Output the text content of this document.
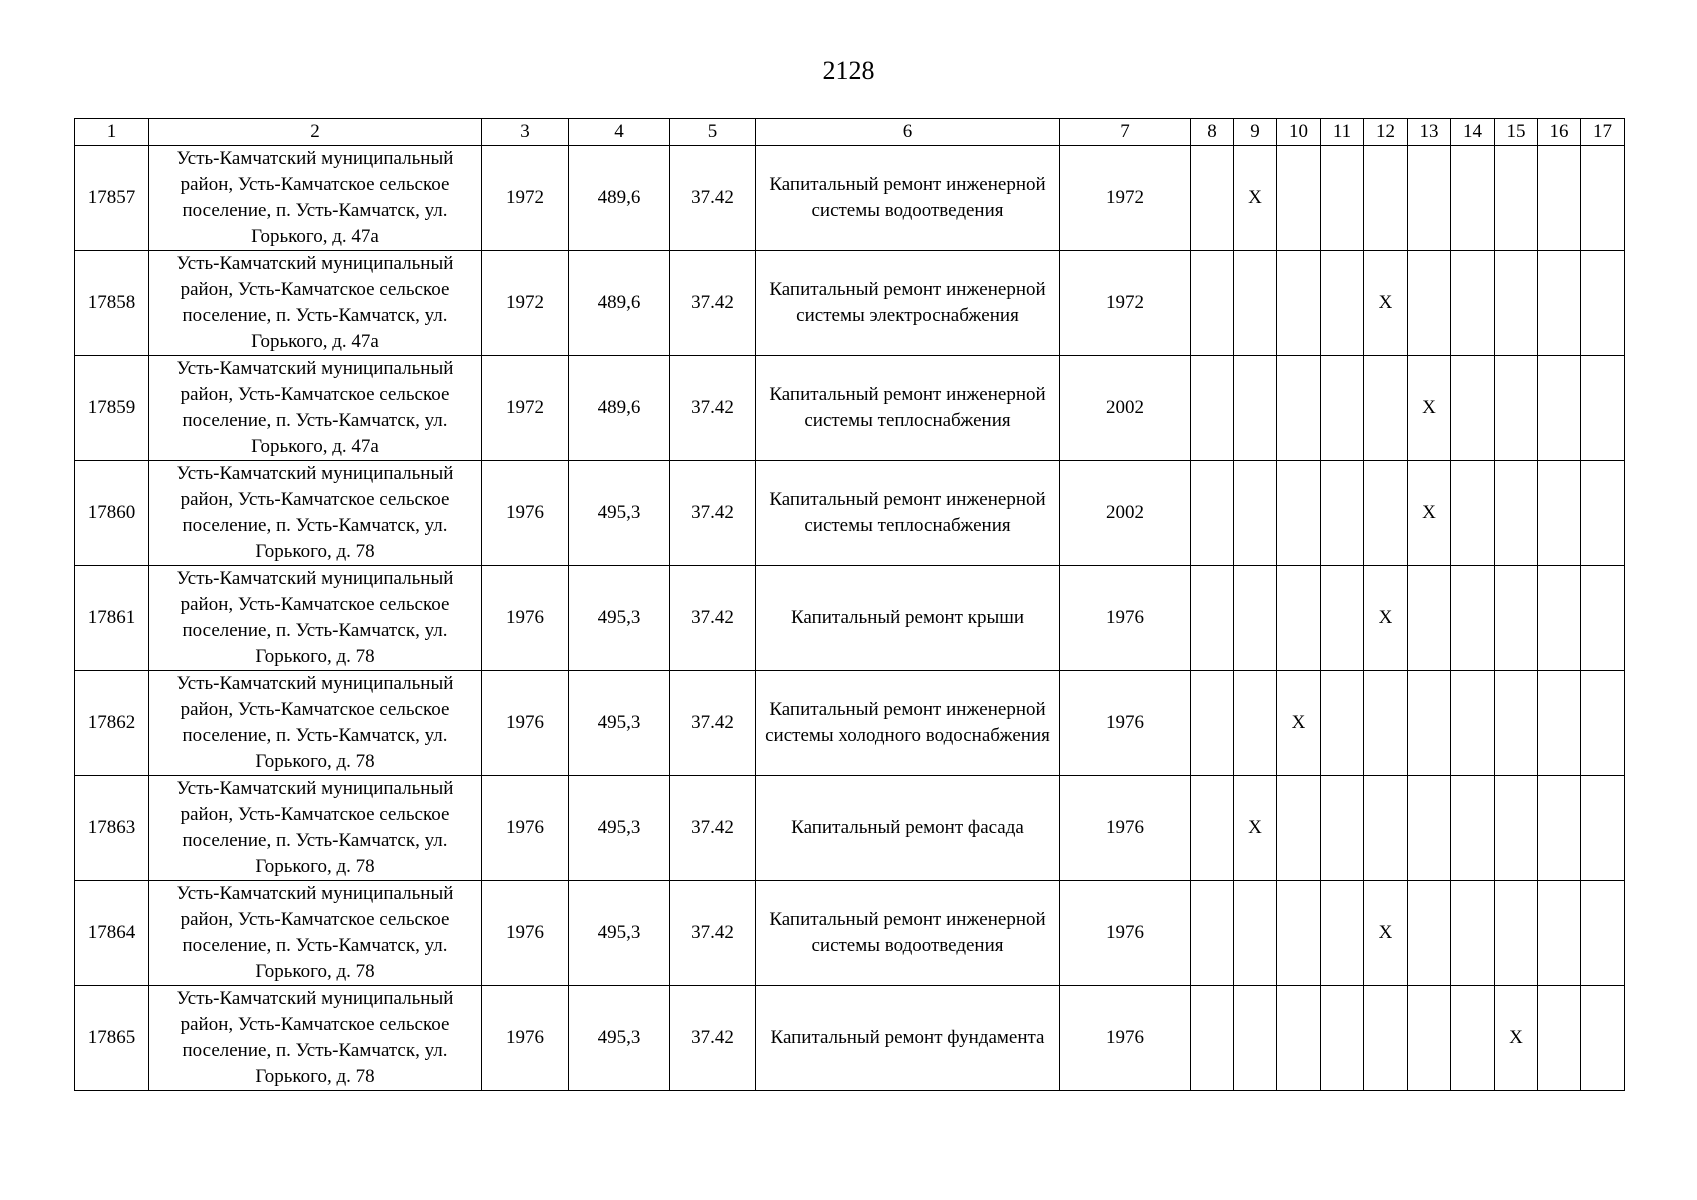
2128
1	2	3	4	5	6	7	8	9	10	11	12	13	14	15	16	17
17857	Усть-Камчатский муниципальный район, Усть-Камчатское сельское поселение, п. Усть-Камчатск, ул. Горького, д. 47а	1972	489,6	37.42	Капитальный ремонт инженерной системы водоотведения	1972		X								
17858	Усть-Камчатский муниципальный район, Усть-Камчатское сельское поселение, п. Усть-Камчатск, ул. Горького, д. 47а	1972	489,6	37.42	Капитальный ремонт инженерной системы электроснабжения	1972					X					
17859	Усть-Камчатский муниципальный район, Усть-Камчатское сельское поселение, п. Усть-Камчатск, ул. Горького, д. 47а	1972	489,6	37.42	Капитальный ремонт инженерной системы теплоснабжения	2002						X				
17860	Усть-Камчатский муниципальный район, Усть-Камчатское сельское поселение, п. Усть-Камчатск, ул. Горького, д. 78	1976	495,3	37.42	Капитальный ремонт инженерной системы теплоснабжения	2002						X				
17861	Усть-Камчатский муниципальный район, Усть-Камчатское сельское поселение, п. Усть-Камчатск, ул. Горького, д. 78	1976	495,3	37.42	Капитальный ремонт крыши	1976					X					
17862	Усть-Камчатский муниципальный район, Усть-Камчатское сельское поселение, п. Усть-Камчатск, ул. Горького, д. 78	1976	495,3	37.42	Капитальный ремонт инженерной системы холодного водоснабжения	1976			X							
17863	Усть-Камчатский муниципальный район, Усть-Камчатское сельское поселение, п. Усть-Камчатск, ул. Горького, д. 78	1976	495,3	37.42	Капитальный ремонт фасада	1976		X								
17864	Усть-Камчатский муниципальный район, Усть-Камчатское сельское поселение, п. Усть-Камчатск, ул. Горького, д. 78	1976	495,3	37.42	Капитальный ремонт инженерной системы водоотведения	1976					X					
17865	Усть-Камчатский муниципальный район, Усть-Камчатское сельское поселение, п. Усть-Камчатск, ул. Горького, д. 78	1976	495,3	37.42	Капитальный ремонт фундамента	1976								X		
